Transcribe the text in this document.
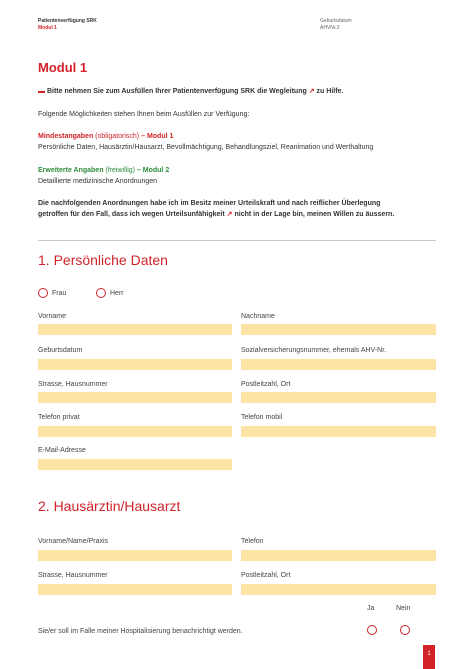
Patientenverfügung SRK
Modul 1
Geburtsdatum
AHVNr.3
Modul 1
▬ Bitte nehmen Sie zum Ausfüllen Ihrer Patientenverfügung SRK die Wegleitung ↗ zu Hilfe.
Folgende Möglichkeiten stehen Ihnen beim Ausfüllen zur Verfügung:
Mindestangaben (obligatorisch) – Modul 1
Persönliche Daten, Hausärztin/Hausarzt, Bevollmächtigung, Behandlungsziel, Reanimation und Werthaltung
Erweiterte Angaben (freiwillig) – Modul 2
Detaillierte medizinische Anordnungen
Die nachfolgenden Anordnungen habe ich im Besitz meiner Urteilskraft und nach reiflicher Überlegung getroffen für den Fall, dass ich wegen Urteilsunfähigkeit ↗ nicht in der Lage bin, meinen Willen zu äussern.
1. Persönliche Daten
Frau	Herr
Vorname	Nachname
Geburtsdatum	Sozialversicherungsnummer, ehemals AHV-Nr.
Strasse, Hausnummer	Postleitzahl, Ort
Telefon privat	Telefon mobil
E-Mail-Adresse
2. Hausärztin/Hausarzt
Vorname/Name/Praxis	Telefon
Strasse, Hausnummer	Postleitzahl, Ort
Ja	Nein
Sie/er soll im Falle meiner Hospitalisierung benachrichtigt werden.
1
